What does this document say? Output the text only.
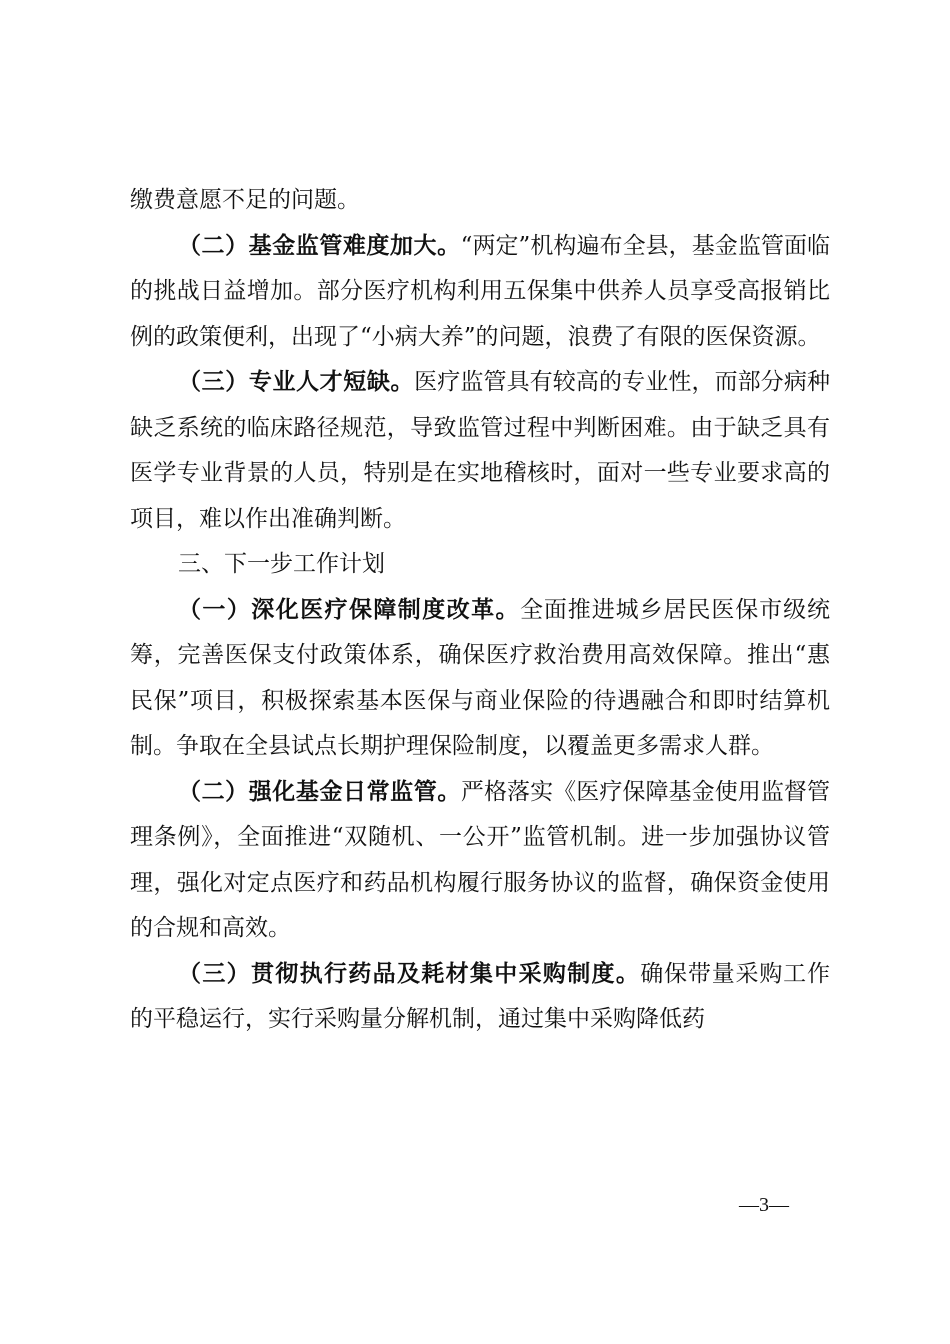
缴费意愿不足的问题。

（二）基金监管难度加大。“两定”机构遍布全县，基金监管面临的挑战日益增加。部分医疗机构利用五保集中供养人员享受高报销比例的政策便利，出现了“小病大养”的问题，浪费了有限的医保资源。

（三）专业人才短缺。医疗监管具有较高的专业性，而部分病种缺乏系统的临床路径规范，导致监管过程中判断困难。由于缺乏具有医学专业背景的人员，特别是在实地稽核时，面对一些专业要求高的项目，难以作出准确判断。

三、下一步工作计划

（一）深化医疗保障制度改革。全面推进城乡居民医保市级统筹，完善医保支付政策体系，确保医疗救治费用高效保障。推出“惠民保”项目，积极探索基本医保与商业保险的待遇融合和即时结算机制。争取在全县试点长期护理保险制度，以覆盖更多需求人群。

（二）强化基金日常监管。严格落实《医疗保障基金使用监督管理条例》，全面推进“双随机、一公开”监管机制。进一步加强协议管理，强化对定点医疗和药品机构履行服务协议的监督，确保资金使用的合规和高效。

（三）贯彻执行药品及耗材集中采购制度。确保带量采购工作的平稳运行，实行采购量分解机制，通过集中采购降低药

—3—
